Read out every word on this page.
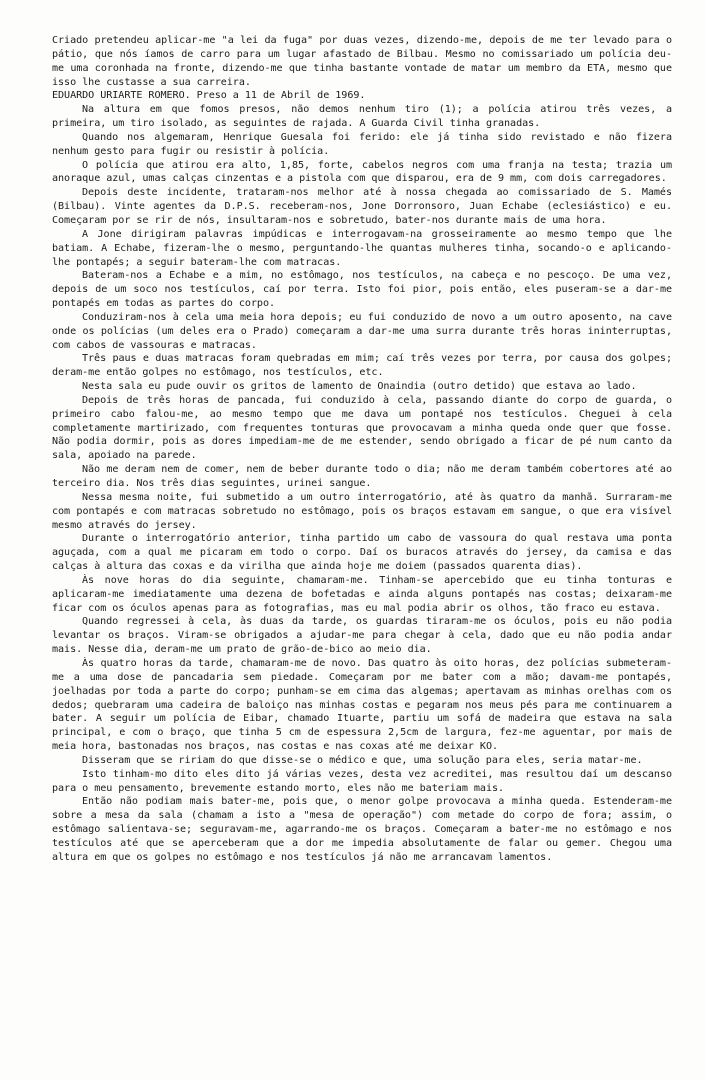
Criado pretendeu aplicar-me "a lei da fuga" por duas vezes, dizendo-me, depois de me ter levado para o pátio, que nós íamos de carro para um lugar afastado de Bilbau. Mesmo no comissariado um polícia deu-me uma coronhada na fronte, dizendo-me que tinha bastante vontade de matar um membro da ETA, mesmo que isso lhe custasse a sua carreira.

EDUARDO URIARTE ROMERO. Preso a 11 de Abril de 1969.

Na altura em que fomos presos, não demos nenhum tiro (1); a polícia atirou três vezes, a primeira, um tiro isolado, as seguintes de rajada. A Guarda Civil tinha granadas.

Quando nos algemaram, Henrique Guesala foi ferido: ele já tinha sido revistado e não fizera nenhum gesto para fugir ou resistir à polícia.

O polícia que atirou era alto, 1,85, forte, cabelos negros com uma franja na testa; trazia um anoraque azul, umas calças cinzentas e a pistola com que disparou, era de 9 mm, com dois carregadores.

Depois deste incidente, trataram-nos melhor até à nossa chegada ao comissariado de S. Mamés (Bilbau). Vinte agentes da D.P.S. receberam-nos, Jone Dorronsoro, Juan Echabe (eclesiástico) e eu. Começaram por se rir de nós, insultaram-nos e sobretudo, bater-nos durante mais de uma hora.

A Jone dirigiram palavras impúdicas e interrogavam-na grosseiramente ao mesmo tempo que lhe batiam. A Echabe, fizeram-lhe o mesmo, perguntando-lhe quantas mulheres tinha, socando-o e aplicando-lhe pontapés; a seguir bateram-lhe com matracas.

Bateram-nos a Echabe e a mim, no estômago, nos testículos, na cabeça e no pescoço. De uma vez, depois de um soco nos testículos, caí por terra. Isto foi pior, pois então, eles puseram-se a dar-me pontapés em todas as partes do corpo.

Conduziram-nos à cela uma meia hora depois; eu fui conduzido de novo a um outro aposento, na cave onde os polícias (um deles era o Prado) começaram a dar-me uma surra durante três horas ininterruptas, com cabos de vassouras e matracas.

Três paus e duas matracas foram quebradas em mim; caí três vezes por terra, por causa dos golpes; deram-me então golpes no estômago, nos testículos, etc.

Nesta sala eu pude ouvir os gritos de lamento de Onaindia (outro detido) que estava ao lado.

Depois de três horas de pancada, fui conduzido à cela, passando diante do corpo de guarda, o primeiro cabo falou-me, ao mesmo tempo que me dava um pontapé nos testículos. Cheguei à cela completamente martirizado, com frequentes tonturas que provocavam a minha queda onde quer que fosse. Não podia dormir, pois as dores impediam-me de me estender, sendo obrigado a ficar de pé num canto da sala, apoiado na parede.

Não me deram nem de comer, nem de beber durante todo o dia; não me deram também cobertores até ao terceiro dia. Nos três dias seguintes, urinei sangue.

Nessa mesma noite, fui submetido a um outro interrogatório, até às quatro da manhã. Surraram-me com pontapés e com matracas sobretudo no estômago, pois os braços estavam em sangue, o que era visível mesmo através do jersey.

Durante o interrogatório anterior, tinha partido um cabo de vassoura do qual restava uma ponta aguçada, com a qual me picaram em todo o corpo. Daí os buracos através do jersey, da camisa e das calças à altura das coxas e da virilha que ainda hoje me doiem (passados quarenta dias).

Às nove horas do dia seguinte, chamaram-me. Tinham-se apercebido que eu tinha tonturas e aplicaram-me imediatamente uma dezena de bofetadas e ainda alguns pontapés nas costas; deixaram-me ficar com os óculos apenas para as fotografias, mas eu mal podia abrir os olhos, tão fraco eu estava.

Quando regressei à cela, às duas da tarde, os guardas tiraram-me os óculos, pois eu não podia levantar os braços. Viram-se obrigados a ajudar-me para chegar à cela, dado que eu não podia andar mais. Nesse dia, deram-me um prato de grão-de-bico ao meio dia.

Às quatro horas da tarde, chamaram-me de novo. Das quatro às oito horas, dez polícias submeteram-me a uma dose de pancadaria sem piedade. Começaram por me bater com a mão; davam-me pontapés, joelhadas por toda a parte do corpo; punham-se em cima das algemas; apertavam as minhas orelhas com os dedos; quebraram uma cadeira de baloiço nas minhas costas e pegaram nos meus pés para me continuarem a bater. A seguir um polícia de Eibar, chamado Ituarte, partiu um sofá de madeira que estava na sala principal, e com o braço, que tinha 5 cm de espessura 2,5cm de largura, fez-me aguentar, por mais de meia hora, bastonadas nos braços, nas costas e nas coxas até me deixar KO.

Disseram que se ririam do que disse-se o médico e que, uma solução para eles, seria matar-me.

Isto tinham-mo dito eles dito já várias vezes, desta vez acreditei, mas resultou daí um descanso para o meu pensamento, brevemente estando morto, eles não me bateriam mais.

Então não podiam mais bater-me, pois que, o menor golpe provocava a minha queda. Estenderam-me sobre a mesa da sala (chamam a isto a "mesa de operação") com metade do corpo de fora; assim, o estômago salientava-se; seguravam-me, agarrando-me os braços. Começaram a bater-me no estômago e nos testículos até que se aperceberam que a dor me impedia absolutamente de falar ou gemer. Chegou uma altura em que os golpes no estômago e nos testículos já não me arrancavam lamentos.
